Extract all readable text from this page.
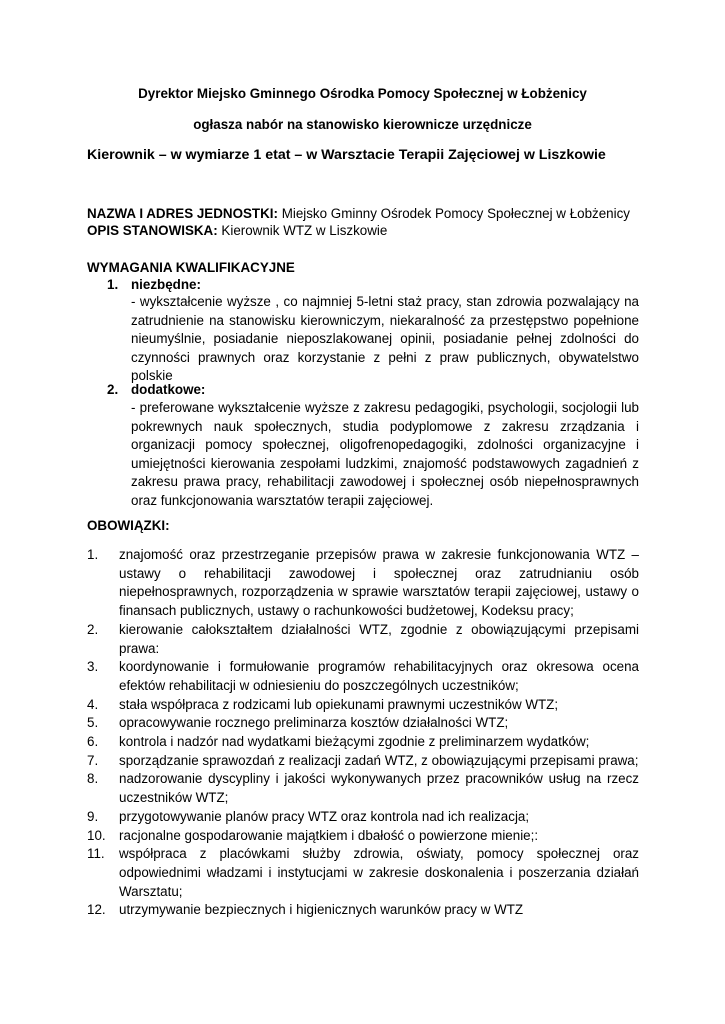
Dyrektor Miejsko Gminnego Ośrodka Pomocy Społecznej w Łobżenicy
ogłasza nabór na stanowisko kierownicze urzędnicze
Kierownik – w wymiarze 1 etat – w Warsztacie Terapii Zajęciowej w Liszkowie
NAZWA I ADRES JEDNOSTKI: Miejsko Gminny Ośrodek Pomocy Społecznej w Łobżenicy
OPIS STANOWISKA: Kierownik WTZ w Liszkowie
WYMAGANIA KWALIFIKACYJNE
1. niezbędne:
- wykształcenie wyższe , co najmniej 5-letni staż pracy, stan zdrowia pozwalający na zatrudnienie na stanowisku kierowniczym, niekaralność za przestępstwo popełnione nieumyślnie, posiadanie nieposzlakowanej opinii, posiadanie pełnej zdolności do czynności prawnych oraz korzystanie z pełni z praw publicznych, obywatelstwo polskie
2. dodatkowe:
- preferowane wykształcenie wyższe z zakresu pedagogiki, psychologii, socjologii lub pokrewnych nauk społecznych, studia podyplomowe z zakresu zrządzania i organizacji pomocy społecznej, oligofrenopedagogiki, zdolności organizacyjne i umiejętności kierowania zespołami ludzkimi, znajomość podstawowych zagadnień z zakresu prawa pracy, rehabilitacji zawodowej i społecznej osób niepełnosprawnych oraz funkcjonowania warsztatów terapii zajęciowej.
OBOWIĄZKI:
1.	znajomość oraz przestrzeganie przepisów prawa w zakresie funkcjonowania WTZ – ustawy o rehabilitacji zawodowej i społecznej oraz zatrudnianiu osób niepełnosprawnych, rozporządzenia w sprawie warsztatów terapii zajęciowej, ustawy o finansach publicznych, ustawy o rachunkowości budżetowej, Kodeksu pracy;
2.	kierowanie całokształtem działalności WTZ, zgodnie z obowiązującymi przepisami prawa:
3.	koordynowanie i formułowanie programów rehabilitacyjnych oraz okresowa ocena efektów rehabilitacji w odniesieniu do poszczególnych uczestników;
4.	stała współpraca z rodzicami lub opiekunami prawnymi uczestników WTZ;
5.	opracowywanie rocznego preliminarza kosztów działalności WTZ;
6.	kontrola i nadzór nad wydatkami bieżącymi zgodnie z preliminarzem wydatków;
7.	sporządzanie sprawozdań z realizacji zadań WTZ, z obowiązującymi przepisami prawa;
8.	nadzorowanie dyscypliny i jakości wykonywanych przez pracowników usług na rzecz uczestników WTZ;
9.	przygotowywanie planów pracy WTZ oraz kontrola nad ich realizacja;
10. racjonalne gospodarowanie majątkiem i dbałość o powierzone mienie;:
11.	współpraca z placówkami służby zdrowia, oświaty, pomocy społecznej oraz odpowiednimi władzami i instytucjami w zakresie doskonalenia i poszerzania działań Warsztatu;
12. utrzymywanie bezpiecznych i higienicznych warunków pracy w WTZ
